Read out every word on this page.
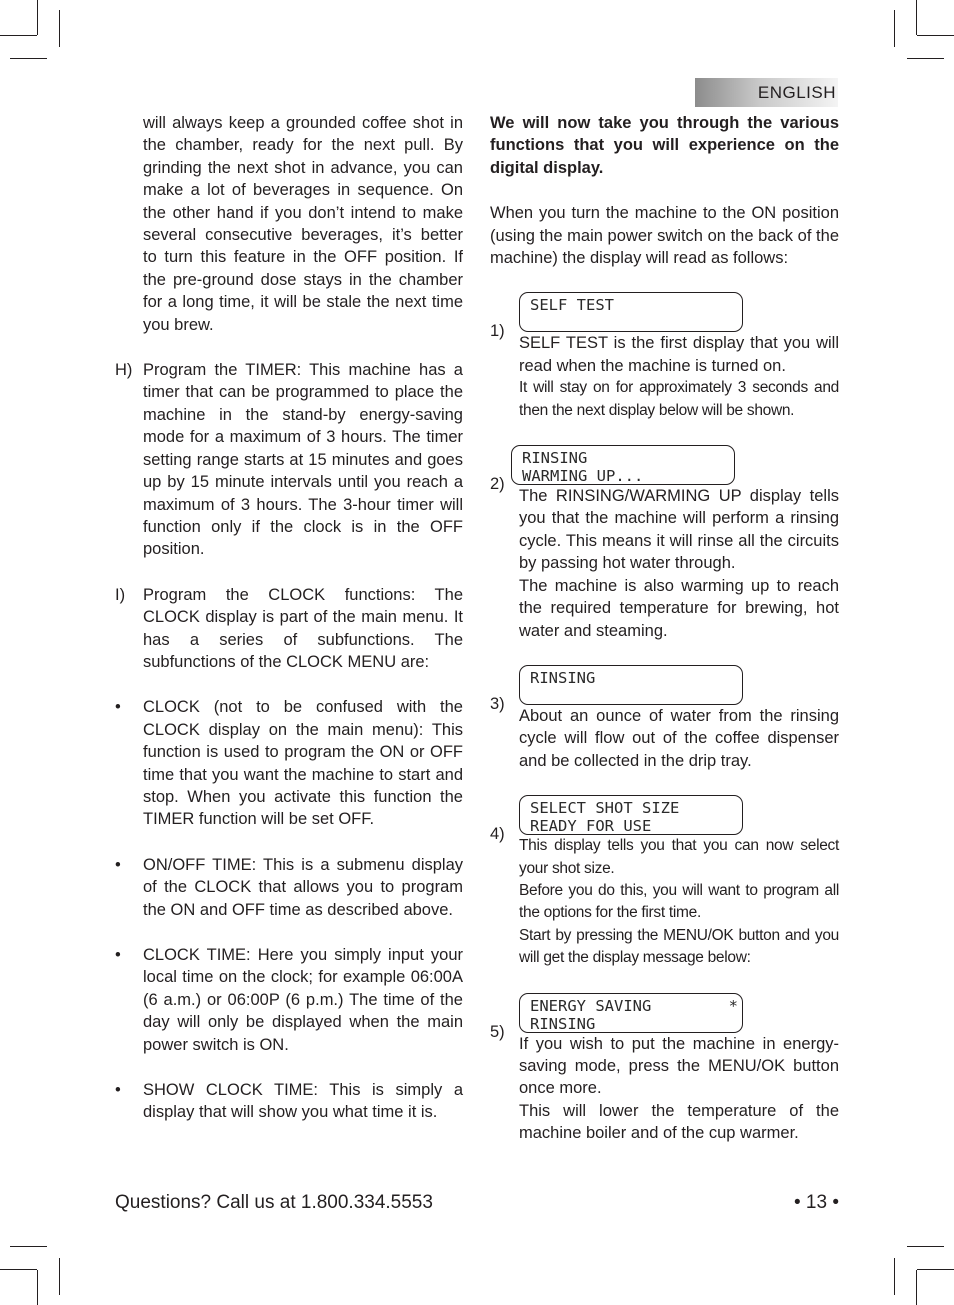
ENGLISH

will always keep a grounded coffee shot in the chamber, ready for the next pull. By grinding the next shot in advance, you can make a lot of beverages in sequence. On the other hand if you don’t intend to make several consecutive beverages, it’s better to turn this feature in the OFF position. If the pre-ground dose stays in the chamber for a long time, it will be stale the next time you brew.

H) Program the TIMER: This machine has a timer that can be programmed to place the machine in the stand-by energy-saving mode for a maximum of 3 hours. The timer setting range starts at 15 minutes and goes up by 15 minute intervals until you reach a maximum of 3 hours. The 3-hour timer will function only if the clock is in the OFF position.

I) Program the CLOCK functions: The CLOCK display is part of the main menu. It has a series of subfunctions. The subfunctions of the CLOCK MENU are:

• CLOCK (not to be confused with the CLOCK display on the main menu): This function is used to program the ON or OFF time that you want the machine to start and stop. When you activate this function the TIMER function will be set OFF.

• ON/OFF TIME: This is a submenu display of the CLOCK that allows you to program the ON and OFF time as described above.

• CLOCK TIME: Here you simply input your local time on the clock; for example 06:00A (6 a.m.) or 06:00P (6 p.m.) The time of the day will only be displayed when the main power switch is ON.

• SHOW CLOCK TIME: This is simply a display that will show you what time it is.

We will now take you through the various functions that you will experience on the digital display.

When you turn the machine to the ON position (using the main power switch on the back of the machine) the display will read as follows:

1)
SELF TEST

SELF TEST is the first display that you will read when the machine is turned on.

It will stay on for approximately 3 seconds and then the next display below will be shown.

2)
RINSING
WARMING UP...

The RINSING/WARMING UP display tells you that the machine will perform a rinsing cycle. This means it will rinse all the circuits by passing hot water through.

The machine is also warming up to reach the required temperature for brewing, hot water and steaming.

3)
RINSING

About an ounce of water from the rinsing cycle will flow out of the coffee dispenser and be collected in the drip tray.

4)
SELECT SHOT SIZE
READY FOR USE

This display tells you that you can now select your shot size.

Before you do this, you will want to program all the options for the first time.

Start by pressing the MENU/OK button and you will get the display message below:

5)
ENERGY SAVING
RINSING
*

If you wish to put the machine in energy-saving mode, press the MENU/OK button once more.

This will lower the temperature of the machine boiler and of the cup warmer.

Questions? Call us at 1.800.334.5553	• 13 •
